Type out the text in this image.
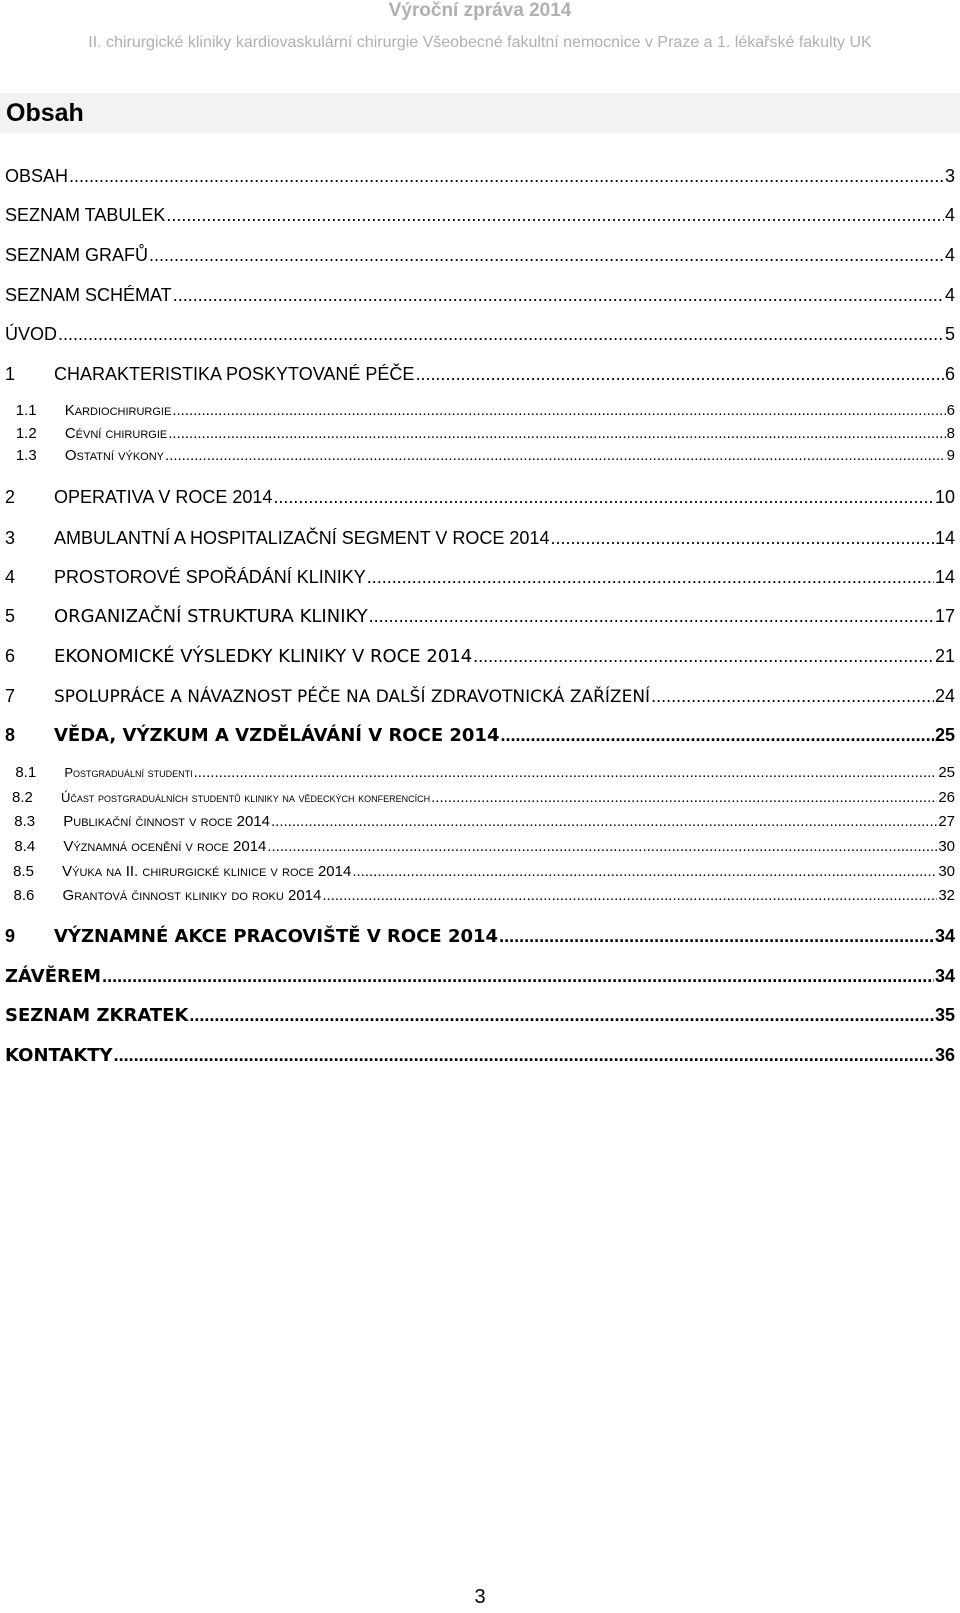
Výroční zpráva 2014
II. chirurgické kliniky kardiovaskulární chirurgie Všeobecné fakultní nemocnice v Praze a 1. lékařské fakulty UK
Obsah
OBSAH .....	3
SEZNAM TABULEK .....	4
SEZNAM GRAFŮ .....	4
SEZNAM SCHÉMAT .....	4
ÚVOD .....	5
1	CHARAKTERISTIKA POSKYTOVANÉ PÉČE .....	6
1.1	Kardiochirurgie .....	6
1.2	Cévní chirurgie .....	8
1.3	Ostatní výkony .....	9
2	OPERATIVA V ROCE 2014 .....	10
3	AMBULANTNÍ A HOSPITALIZAČNÍ SEGMENT V ROCE 2014 .....	14
4	PROSTOROVÉ SPOŘÁDÁNÍ KLINIKY .....	14
5	ORGANIZAČNÍ STRUKTURA KLINIKY .....	17
6	EKONOMICKÉ VÝSLEDKY KLINIKY V ROCE 2014 .....	21
7	SPOLUPRÁCE A NÁVAZNOST PÉČE NA DALŠÍ ZDRAVOTNICKÁ ZAŘÍZENÍ .....	24
8	VĚDA, VÝZKUM A VZDĚLÁVÁNÍ V ROCE 2014 .....	25
8.1	Postgraduální studenti .....	25
8.2	Účast postgraduálních studentů kliniky na vědeckých konferencích .....	26
8.3	Publikační činnost v roce 2014 .....	27
8.4	Významná ocenění v roce 2014 .....	30
8.5	Výuka na II. chirurgické klinice v roce 2014 .....	30
8.6	Grantová činnost kliniky do roku 2014 .....	32
9	VÝZNAMNÉ AKCE PRACOVIŠTĚ V ROCE 2014 .....	34
ZÁVĚREM .....	34
SEZNAM ZKRATEK .....	35
KONTAKTY .....	36
3
